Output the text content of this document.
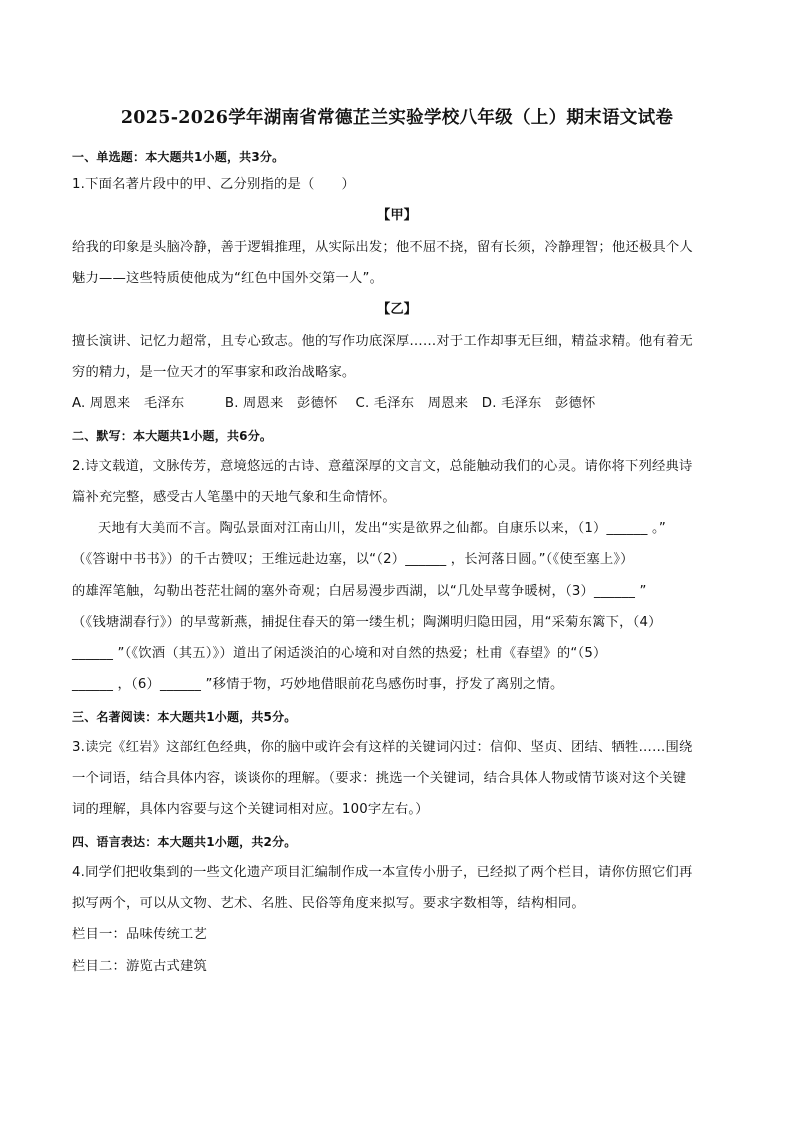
2025-2026学年湖南省常德芷兰实验学校八年级（上）期末语文试卷
一、单选题：本大题共1小题，共3分。
1.下面名著片段中的甲、乙分别指的是（　　）
【甲】
给我的印象是头脑冷静，善于逻辑推理，从实际出发；他不屈不挠，留有长须，冷静理智；他还极具个人
魅力——这些特质使他成为“红色中国外交第一人”。
【乙】
擅长演讲、记忆力超常，且专心致志。他的写作功底深厚……对于工作却事无巨细，精益求精。他有着无
穷的精力，是一位天才的军事家和政治战略家。
A. 周恩来　毛泽东　　　B. 周恩来　彭德怀　 C. 毛泽东　周恩来　D. 毛泽东　彭德怀
二、默写：本大题共1小题，共6分。
2.诗文载道，文脉传芳，意境悠远的古诗、意蕴深厚的文言文，总能触动我们的心灵。请你将下列经典诗
篇补充完整，感受古人笔墨中的天地气象和生命情怀。
天地有大美而不言。陶弘景面对江南山川，发出“实是欲界之仙都。自康乐以来，（1）______ 。”
（《答谢中书书》）的千古赞叹；王维远赴边塞，以“（2）______ ，长河落日圆。”（《使至塞上》）
的雄浑笔触，勾勒出苍茫壮阔的塞外奇观；白居易漫步西湖，以“几处早莺争暖树，（3）______ ”
（《钱塘湖春行》）的早莺新燕，捕捉住春天的第一缕生机；陶渊明归隐田园，用“采菊东篱下，（4）
______ ”（《饮酒（其五）》）道出了闲适淡泊的心境和对自然的热爱；杜甫《春望》的“（5）
______ ，（6）______ ”移情于物，巧妙地借眼前花鸟感伤时事，抒发了离别之情。
三、名著阅读：本大题共1小题，共5分。
3.读完《红岩》这部红色经典，你的脑中或许会有这样的关键词闪过：信仰、坚贞、团结、牺牲……围绕
一个词语，结合具体内容，谈谈你的理解。（要求：挑选一个关键词，结合具体人物或情节谈对这个关键
词的理解，具体内容要与这个关键词相对应。100字左右。）
四、语言表达：本大题共1小题，共2分。
4.同学们把收集到的一些文化遗产项目汇编制作成一本宣传小册子，已经拟了两个栏目，请你仿照它们再
拟写两个，可以从文物、艺术、名胜、民俗等角度来拟写。要求字数相等，结构相同。
栏目一：品味传统工艺
栏目二：游览古式建筑
